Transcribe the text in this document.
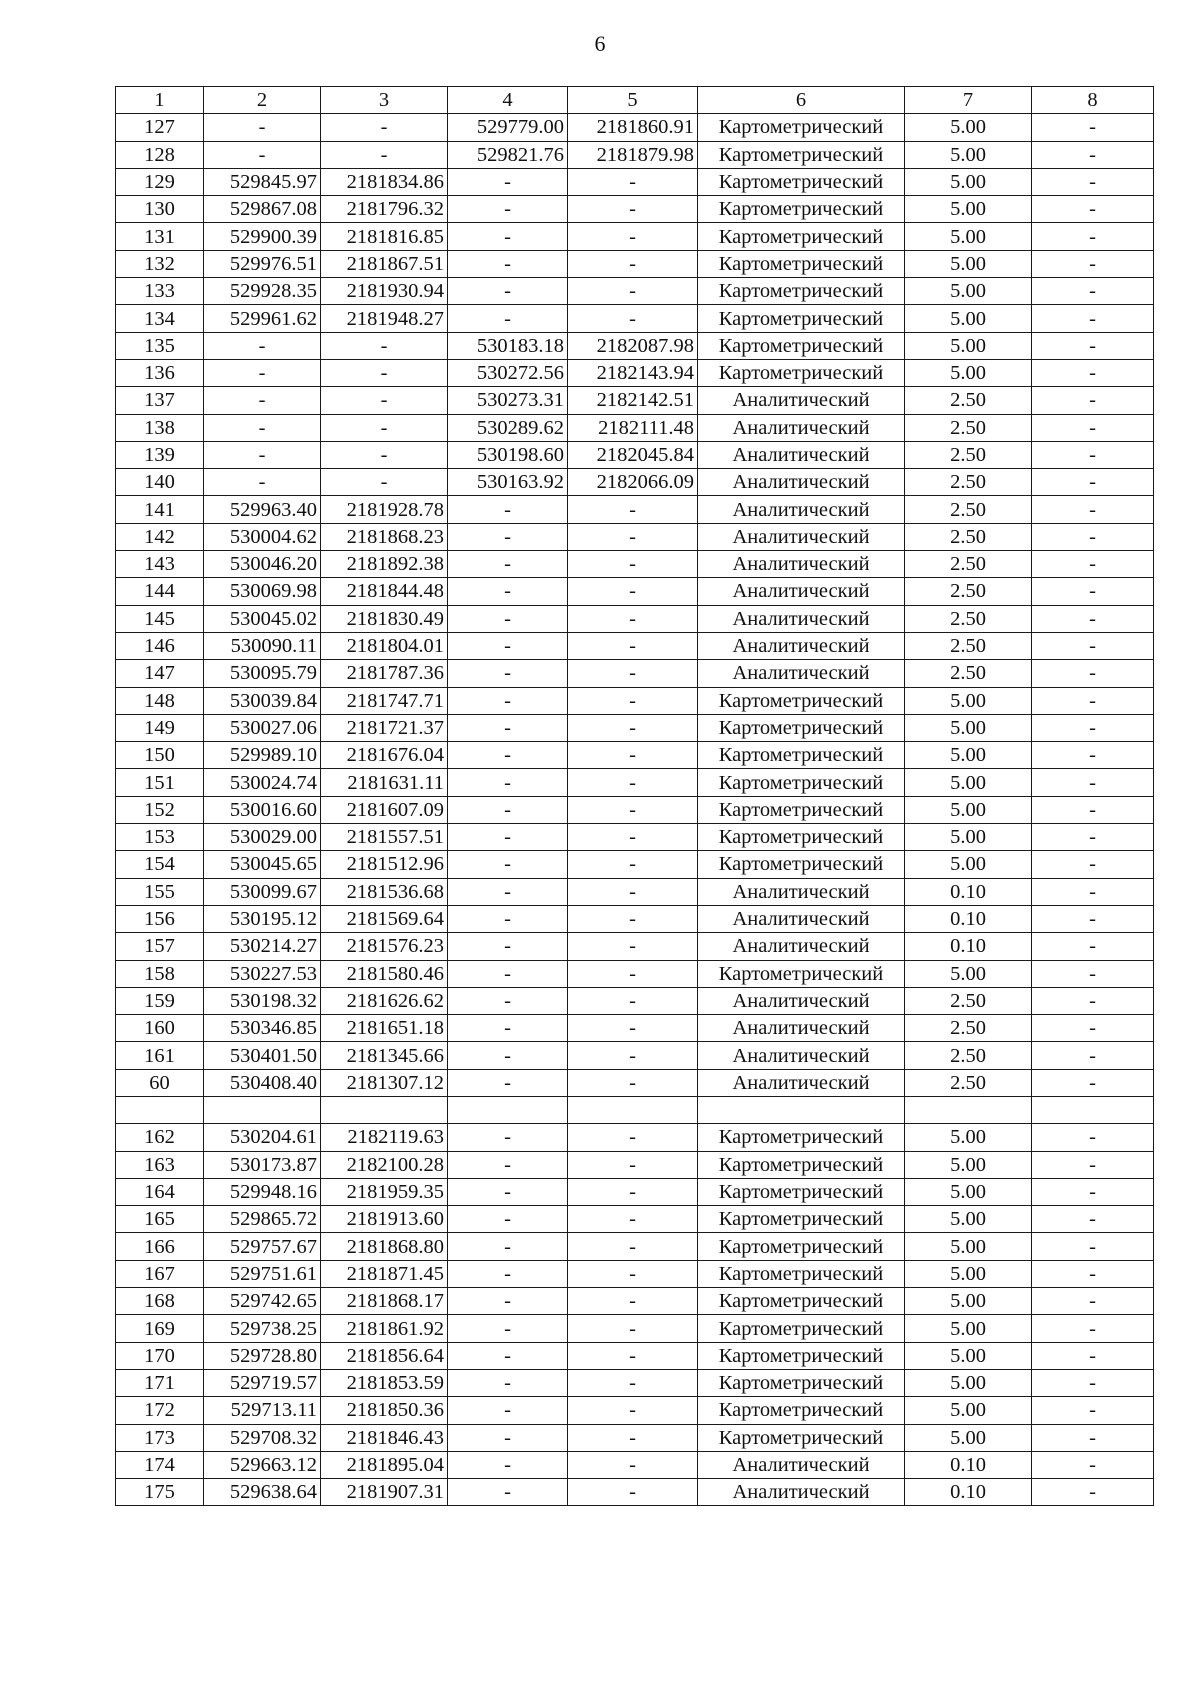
6
1	2	3	4	5	6	7	8
127	-	-	529779.00	2181860.91	Картометрический	5.00	-
128	-	-	529821.76	2181879.98	Картометрический	5.00	-
129	529845.97	2181834.86	-	-	Картометрический	5.00	-
130	529867.08	2181796.32	-	-	Картометрический	5.00	-
131	529900.39	2181816.85	-	-	Картометрический	5.00	-
132	529976.51	2181867.51	-	-	Картометрический	5.00	-
133	529928.35	2181930.94	-	-	Картометрический	5.00	-
134	529961.62	2181948.27	-	-	Картометрический	5.00	-
135	-	-	530183.18	2182087.98	Картометрический	5.00	-
136	-	-	530272.56	2182143.94	Картометрический	5.00	-
137	-	-	530273.31	2182142.51	Аналитический	2.50	-
138	-	-	530289.62	2182111.48	Аналитический	2.50	-
139	-	-	530198.60	2182045.84	Аналитический	2.50	-
140	-	-	530163.92	2182066.09	Аналитический	2.50	-
141	529963.40	2181928.78	-	-	Аналитический	2.50	-
142	530004.62	2181868.23	-	-	Аналитический	2.50	-
143	530046.20	2181892.38	-	-	Аналитический	2.50	-
144	530069.98	2181844.48	-	-	Аналитический	2.50	-
145	530045.02	2181830.49	-	-	Аналитический	2.50	-
146	530090.11	2181804.01	-	-	Аналитический	2.50	-
147	530095.79	2181787.36	-	-	Аналитический	2.50	-
148	530039.84	2181747.71	-	-	Картометрический	5.00	-
149	530027.06	2181721.37	-	-	Картометрический	5.00	-
150	529989.10	2181676.04	-	-	Картометрический	5.00	-
151	530024.74	2181631.11	-	-	Картометрический	5.00	-
152	530016.60	2181607.09	-	-	Картометрический	5.00	-
153	530029.00	2181557.51	-	-	Картометрический	5.00	-
154	530045.65	2181512.96	-	-	Картометрический	5.00	-
155	530099.67	2181536.68	-	-	Аналитический	0.10	-
156	530195.12	2181569.64	-	-	Аналитический	0.10	-
157	530214.27	2181576.23	-	-	Аналитический	0.10	-
158	530227.53	2181580.46	-	-	Картометрический	5.00	-
159	530198.32	2181626.62	-	-	Аналитический	2.50	-
160	530346.85	2181651.18	-	-	Аналитический	2.50	-
161	530401.50	2181345.66	-	-	Аналитический	2.50	-
60	530408.40	2181307.12	-	-	Аналитический	2.50	-

162	530204.61	2182119.63	-	-	Картометрический	5.00	-
163	530173.87	2182100.28	-	-	Картометрический	5.00	-
164	529948.16	2181959.35	-	-	Картометрический	5.00	-
165	529865.72	2181913.60	-	-	Картометрический	5.00	-
166	529757.67	2181868.80	-	-	Картометрический	5.00	-
167	529751.61	2181871.45	-	-	Картометрический	5.00	-
168	529742.65	2181868.17	-	-	Картометрический	5.00	-
169	529738.25	2181861.92	-	-	Картометрический	5.00	-
170	529728.80	2181856.64	-	-	Картометрический	5.00	-
171	529719.57	2181853.59	-	-	Картометрический	5.00	-
172	529713.11	2181850.36	-	-	Картометрический	5.00	-
173	529708.32	2181846.43	-	-	Картометрический	5.00	-
174	529663.12	2181895.04	-	-	Аналитический	0.10	-
175	529638.64	2181907.31	-	-	Аналитический	0.10	-
